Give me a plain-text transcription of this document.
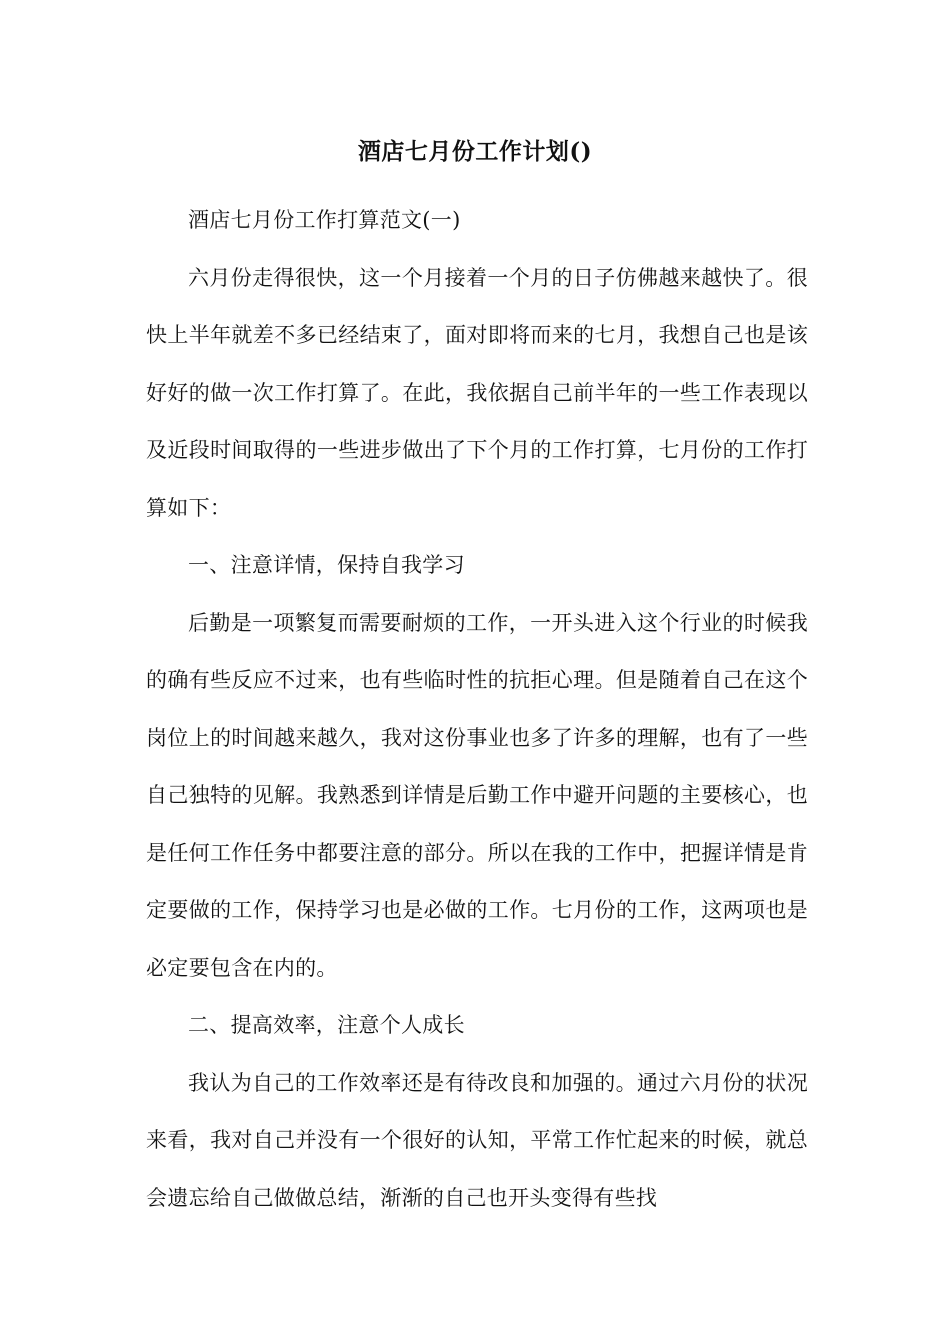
酒店七月份工作计划()

酒店七月份工作打算范文(一)

六月份走得很快，这一个月接着一个月的日子仿佛越来越快了。很快上半年就差不多已经结束了，面对即将而来的七月，我想自己也是该好好的做一次工作打算了。在此，我依据自己前半年的一些工作表现以及近段时间取得的一些进步做出了下个月的工作打算，七月份的工作打算如下：

一、注意详情，保持自我学习

后勤是一项繁复而需要耐烦的工作，一开头进入这个行业的时候我的确有些反应不过来，也有些临时性的抗拒心理。但是随着自己在这个岗位上的时间越来越久，我对这份事业也多了许多的理解，也有了一些自己独特的见解。我熟悉到详情是后勤工作中避开问题的主要核心，也是任何工作任务中都要注意的部分。所以在我的工作中，把握详情是肯定要做的工作，保持学习也是必做的工作。七月份的工作，这两项也是必定要包含在内的。

二、提高效率，注意个人成长

我认为自己的工作效率还是有待改良和加强的。通过六月份的状况来看，我对自己并没有一个很好的认知，平常工作忙起来的时候，就总会遗忘给自己做做总结，渐渐的自己也开头变得有些找
